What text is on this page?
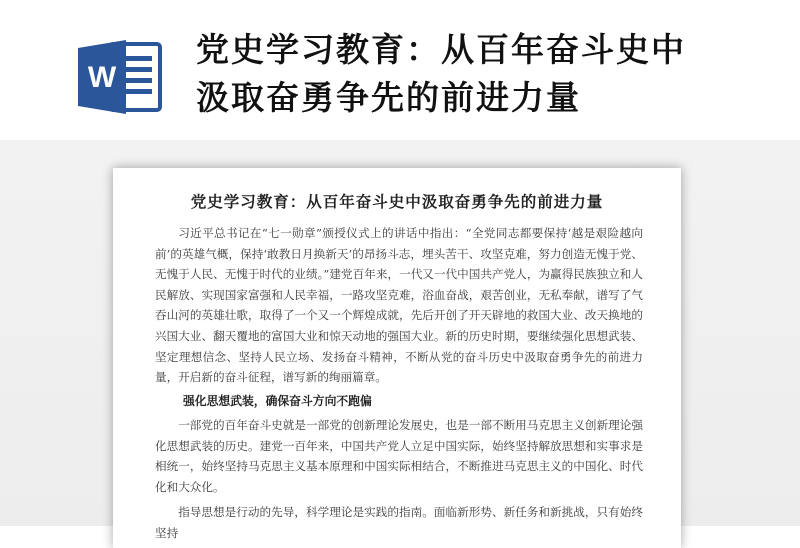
W
党史学习教育：从百年奋斗史中
汲取奋勇争先的前进力量
党史学习教育：从百年奋斗史中汲取奋勇争先的前进力量

习近平总书记在“七一勋章”颁授仪式上的讲话中指出：“全党同志都要保持‘越是艰险越向前’的英雄气概，保持‘敢教日月换新天’的昂扬斗志，埋头苦干、攻坚克难，努力创造无愧于党、无愧于人民、无愧于时代的业绩。”建党百年来，一代又一代中国共产党人，为赢得民族独立和人民解放、实现国家富强和人民幸福，一路攻坚克难，浴血奋战，艰苦创业，无私奉献，谱写了气吞山河的英雄壮歌，取得了一个又一个辉煌成就，先后开创了开天辟地的救国大业、改天换地的兴国大业、翻天覆地的富国大业和惊天动地的强国大业。新的历史时期，要继续强化思想武装、坚定理想信念、坚持人民立场、发扬奋斗精神，不断从党的奋斗历史中汲取奋勇争先的前进力量，开启新的奋斗征程，谱写新的绚丽篇章。

强化思想武装，确保奋斗方向不跑偏

一部党的百年奋斗史就是一部党的创新理论发展史，也是一部不断用马克思主义创新理论强化思想武装的历史。建党一百年来，中国共产党人立足中国实际，始终坚持解放思想和实事求是相统一，始终坚持马克思主义基本原理和中国实际相结合，不断推进马克思主义的中国化、时代化和大众化。

指导思想是行动的先导，科学理论是实践的指南。面临新形势、新任务和新挑战，只有始终坚持
